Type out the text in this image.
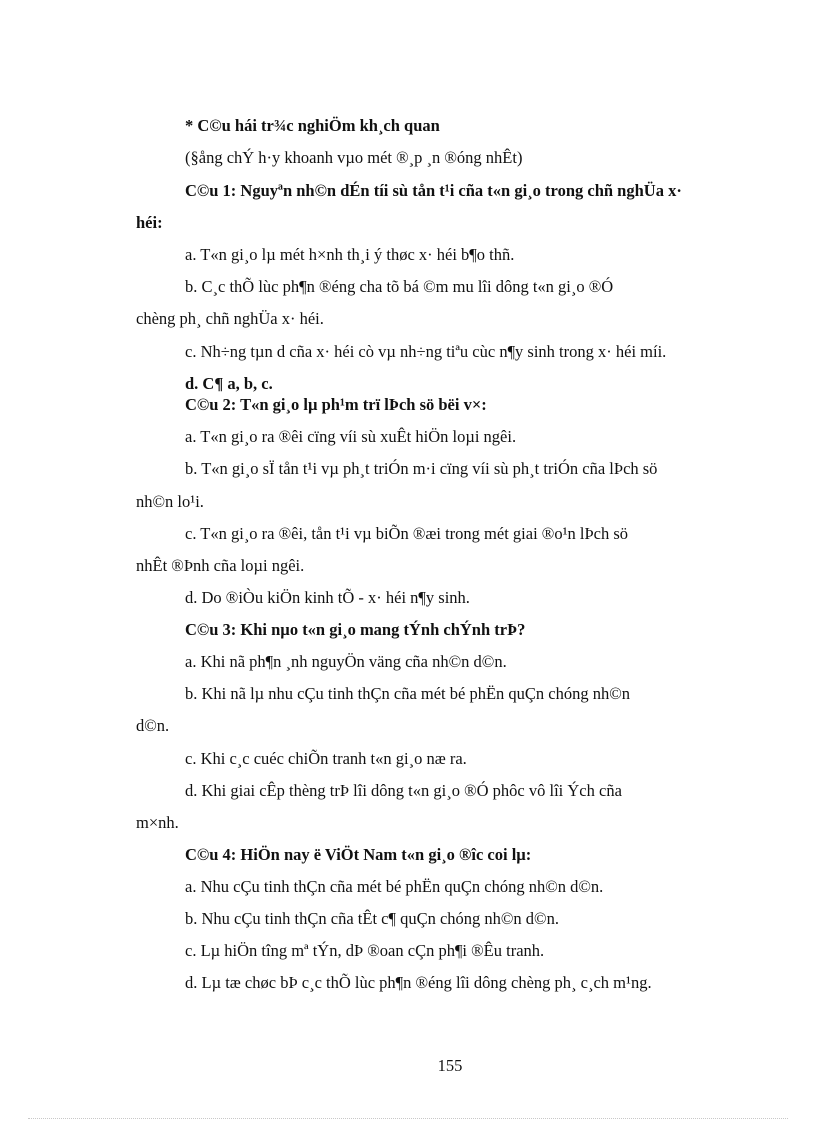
* C©u hái tr¾c nghiÖm kh¸ch quan
(§ång chÝ h·y khoanh vµo mét ®¸p ¸n ®óng nhÊt)
C©u 1: Nguyªn nh©n dÉn tíi sù tån t¹i cña t«n gi¸o trong chñ nghÜa x·
héi:
a. T«n gi¸o lµ mét h×nh th¸i ý thøc x· héi b¶o thñ.
b. C¸c thÕ lùc ph¶n ®éng cha tõ bá ©m mu lîi dông t«n gi¸o ®Ó
chèng ph¸ chñ nghÜa x· héi.
c. Nh÷ng tµn d cña x· héi cò vµ nh÷ng tiªu cùc n¶y sinh trong x· héi míi.
d. C¶ a, b, c.
C©u 2: T«n gi¸o lµ ph¹m trï lÞch sö bëi v×:
a. T«n gi¸o ra ®êi cïng víi sù xuÊt hiÖn loµi ngêi.
b. T«n gi¸o sÏ tån t¹i vµ ph¸t triÓn m·i cïng víi sù ph¸t triÓn cña lÞch sö
nh©n lo¹i.
c. T«n gi¸o ra ®êi, tån t¹i vµ biÕn ®æi trong mét giai ®o¹n lÞch sö
nhÊt ®Þnh cña loµi ngêi.
d. Do ®iÒu kiÖn kinh tÕ - x· héi n¶y sinh.
C©u 3: Khi nµo t«n gi¸o mang tÝnh chÝnh trÞ?
a. Khi nã ph¶n ¸nh nguyÖn väng cña nh©n d©n.
b. Khi nã lµ nhu cÇu tinh thÇn cña mét bé phËn quÇn chóng nh©n
d©n.
c. Khi c¸c cuéc chiÕn tranh t«n gi¸o næ ra.
d. Khi giai cÊp thèng trÞ lîi dông t«n gi¸o ®Ó phôc vô lîi Ých cña
m×nh.
C©u 4: HiÖn nay ë ViÖt Nam t«n gi¸o ®îc coi lµ:
a. Nhu cÇu tinh thÇn cña mét bé phËn quÇn chóng nh©n d©n.
b. Nhu cÇu tinh thÇn cña tÊt c¶ quÇn chóng nh©n d©n.
c. Lµ hiÖn tîng mª tÝn, dÞ ®oan cÇn ph¶i ®Êu tranh.
d. Lµ tæ chøc bÞ c¸c thÕ lùc ph¶n ®éng lîi dông chèng ph¸ c¸ch m¹ng.
155
